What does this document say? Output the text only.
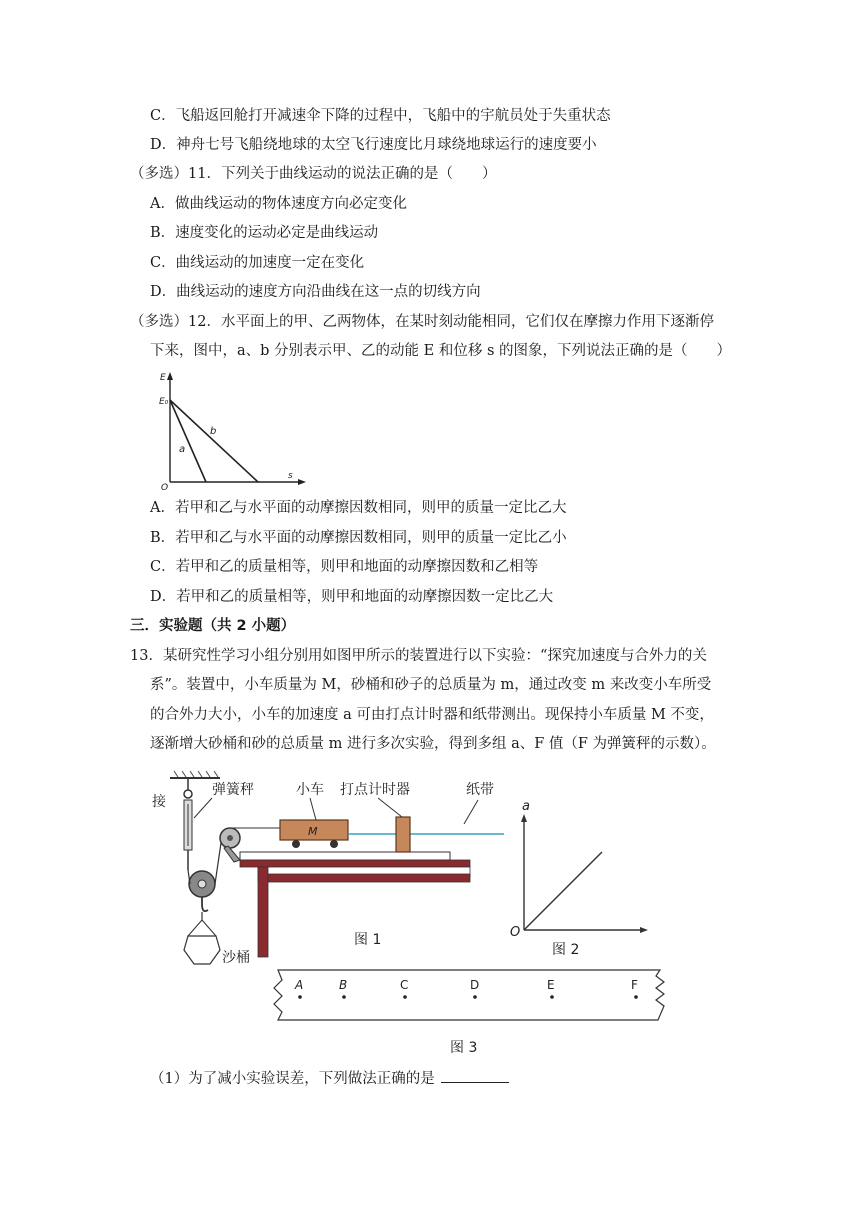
C．飞船返回舱打开减速伞下降的过程中，飞船中的宇航员处于失重状态
D．神舟七号飞船绕地球的太空飞行速度比月球绕地球运行的速度要小
（多选）11．下列关于曲线运动的说法正确的是（　　）
A．做曲线运动的物体速度方向必定变化
B．速度变化的运动必定是曲线运动
C．曲线运动的加速度一定在变化
D．曲线运动的速度方向沿曲线在这一点的切线方向
（多选）12．水平面上的甲、乙两物体，在某时刻动能相同，它们仅在摩擦力作用下逐渐停
下来，图中，a、b 分别表示甲、乙的动能 E 和位移 s 的图象，下列说法正确的是（　　）
E
E₀
s
O
a
b
A．若甲和乙与水平面的动摩擦因数相同，则甲的质量一定比乙大
B．若甲和乙与水平面的动摩擦因数相同，则甲的质量一定比乙小
C．若甲和乙的质量相等，则甲和地面的动摩擦因数和乙相等
D．若甲和乙的质量相等，则甲和地面的动摩擦因数一定比乙大
三．实验题（共 2 小题）
13．某研究性学习小组分别用如图甲所示的装置进行以下实验：“探究加速度与合外力的关
系”。装置中，小车质量为 M，砂桶和砂子的总质量为 m，通过改变 m 来改变小车所受
的合外力大小，小车的加速度 a 可由打点计时器和纸带测出。现保持小车质量 M 不变，
逐渐增大砂桶和砂的总质量 m 进行多次实验，得到多组 a、F 值（F 为弹簧秤的示数）。
M
接
弹簧秤	小车 打点计时器	纸带
沙桶
图 1
a
O
图 2
A	B	C	D	E	F
图 3
（1）为了减小实验误差，下列做法正确的是
